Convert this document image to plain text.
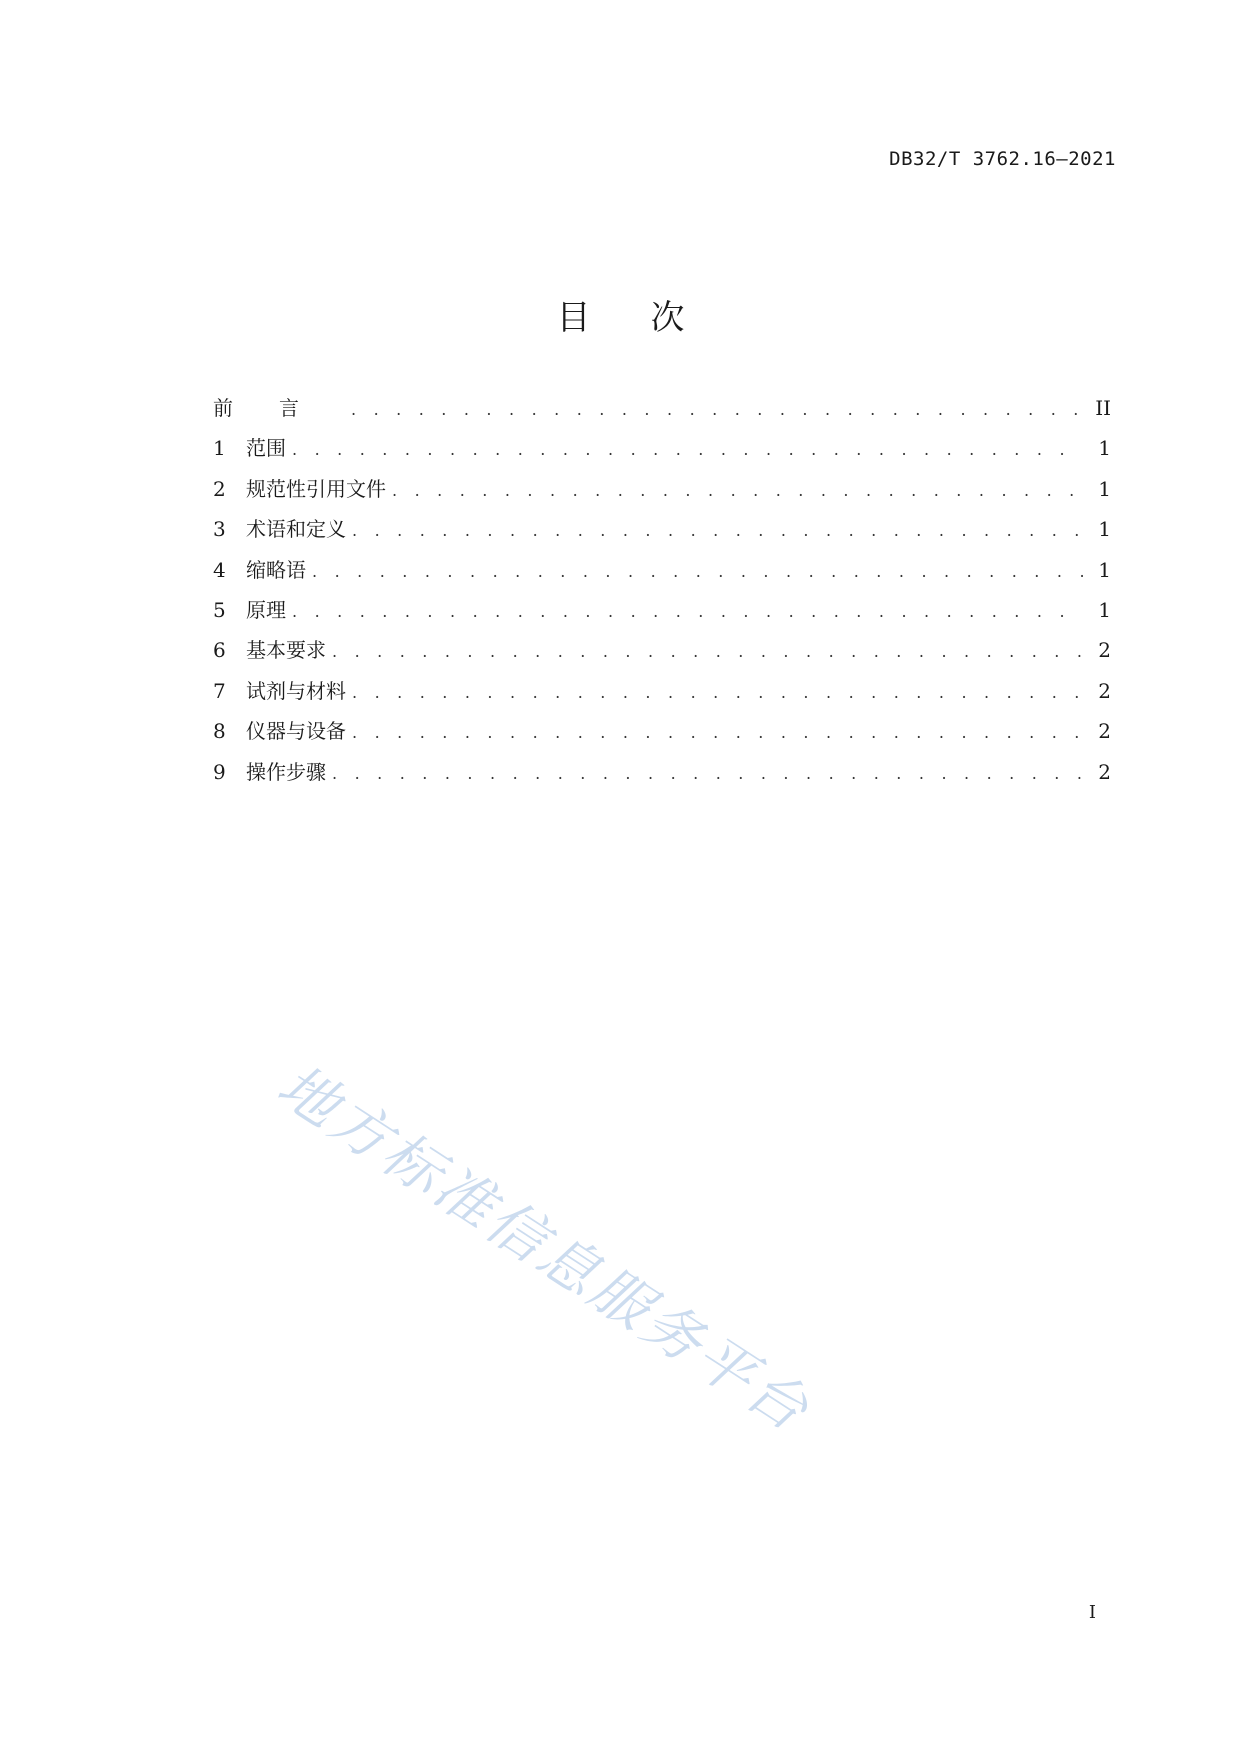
DB32/T 3762.16—2021
目次
前言 . . .	II
1	范围 . . .	1
2	规范性引用文件 . . .	1
3	术语和定义 . . .	1
4	缩略语 . . .	1
5	原理 . . .	1
6	基本要求 . . .	2
7	试剂与材料 . . .	2
8	仪器与设备 . . .	2
9	操作步骤 . . .	2
地方标准信息服务平台
I
